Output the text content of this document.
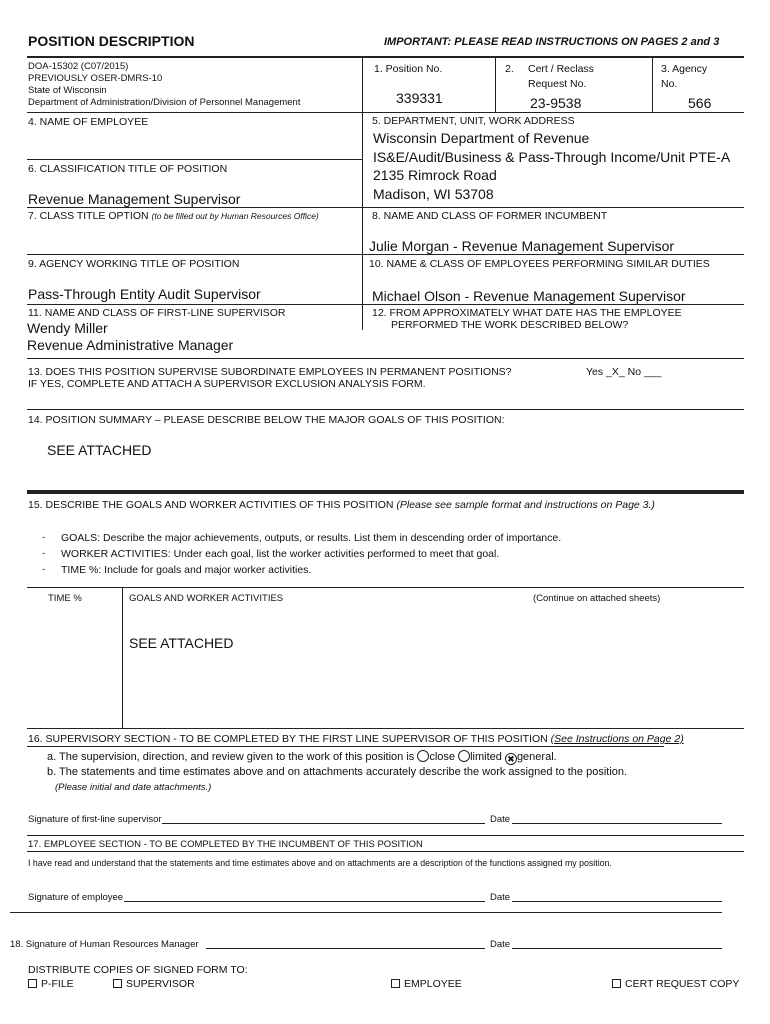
POSITION DESCRIPTION	IMPORTANT: PLEASE READ INSTRUCTIONS ON PAGES 2 and 3
DOA-15302 (C07/2015)
PREVIOUSLY OSER-DMRS-10
State of Wisconsin
Department of Administration/Division of Personnel Management
1. Position No.
339331
2. Cert / Reclass
Request No.
23-9538
3. Agency
No.
566
4. NAME OF EMPLOYEE	5. DEPARTMENT, UNIT, WORK ADDRESS
Wisconsin Department of Revenue
IS&E/Audit/Business & Pass-Through Income/Unit PTE-A
2135 Rimrock Road
Madison, WI 53708
6. CLASSIFICATION TITLE OF POSITION
Revenue Management Supervisor
7. CLASS TITLE OPTION (to be filled out by Human Resources Office)	8. NAME AND CLASS OF FORMER INCUMBENT
Julie Morgan - Revenue Management Supervisor
9. AGENCY WORKING TITLE OF POSITION
Pass-Through Entity Audit Supervisor
10. NAME & CLASS OF EMPLOYEES PERFORMING SIMILAR DUTIES
Michael Olson - Revenue Management Supervisor
11. NAME AND CLASS OF FIRST-LINE SUPERVISOR
Wendy Miller
Revenue Administrative Manager
12. FROM APPROXIMATELY WHAT DATE HAS THE EMPLOYEE
PERFORMED THE WORK DESCRIBED BELOW?
13. DOES THIS POSITION SUPERVISE SUBORDINATE EMPLOYEES IN PERMANENT POSITIONS?	Yes _X_ No ___
IF YES, COMPLETE AND ATTACH A SUPERVISOR EXCLUSION ANALYSIS FORM.
14. POSITION SUMMARY – PLEASE DESCRIBE BELOW THE MAJOR GOALS OF THIS POSITION:
SEE ATTACHED
15. DESCRIBE THE GOALS AND WORKER ACTIVITIES OF THIS POSITION (Please see sample format and instructions on Page 3.)
ˍ
ˍ
ˍ
GOALS: Describe the major achievements, outputs, or results. List them in descending order of importance.
WORKER ACTIVITIES: Under each goal, list the worker activities performed to meet that goal.
TIME %: Include for goals and major worker activities.
TIME %	GOALS AND WORKER ACTIVITIES	(Continue on attached sheets)
SEE ATTACHED
16. SUPERVISORY SECTION - TO BE COMPLETED BY THE FIRST LINE SUPERVISOR OF THIS POSITION (See Instructions on Page 2)
a. The supervision, direction, and review given to the work of this position is close limited ✖ general.
b. The statements and time estimates above and on attachments accurately describe the work assigned to the position.
(Please initial and date attachments.)
Signature of first-line supervisor	Date
17. EMPLOYEE SECTION - TO BE COMPLETED BY THE INCUMBENT OF THIS POSITION
I have read and understand that the statements and time estimates above and on attachments are a description of the functions assigned my position.
Signature of employee	Date
18. Signature of Human Resources Manager	Date
DISTRIBUTE COPIES OF SIGNED FORM TO:
P-FILE	SUPERVISOR	EMPLOYEE	CERT REQUEST COPY
